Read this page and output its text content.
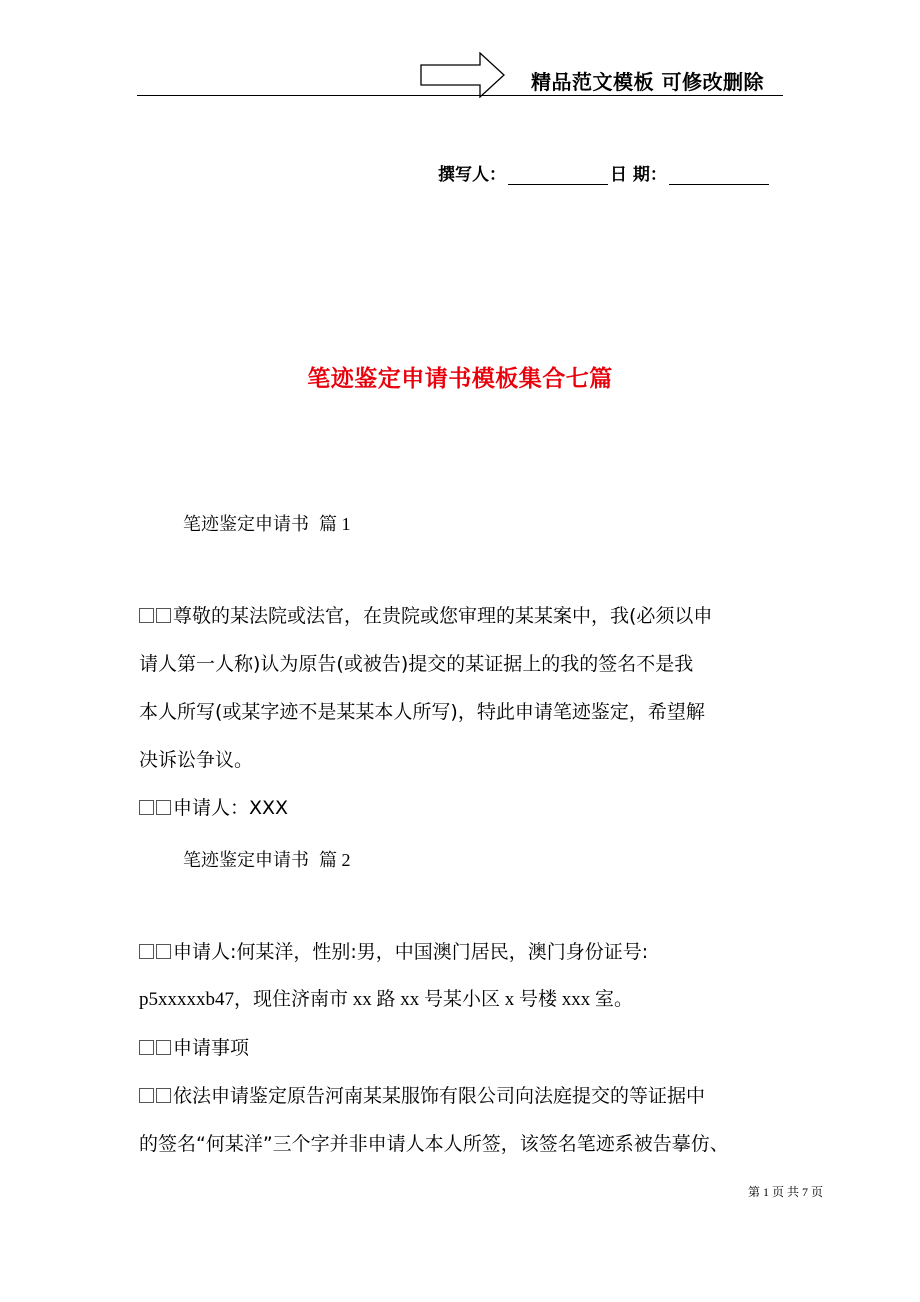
精品范文模板 可修改删除
撰写人：	日 期：
笔迹鉴定申请书模板集合七篇
笔迹鉴定申请书 篇 1
尊敬的某法院或法官，在贵院或您审理的某某案中，我(必须以申
请人第一人称)认为原告(或被告)提交的某证据上的我的签名不是我
本人所写(或某字迹不是某某本人所写)，特此申请笔迹鉴定，希望解
决诉讼争议。
申请人：XXX
笔迹鉴定申请书 篇 2
申请人:何某洋，性别:男，中国澳门居民，澳门身份证号:
p5xxxxxb47，现住济南市 xx 路 xx 号某小区 x 号楼 xxx 室。
申请事项
依法申请鉴定原告河南某某服饰有限公司向法庭提交的等证据中
的签名“何某洋”三个字并非申请人本人所签，该签名笔迹系被告摹仿、
第 1 页 共 7 页
